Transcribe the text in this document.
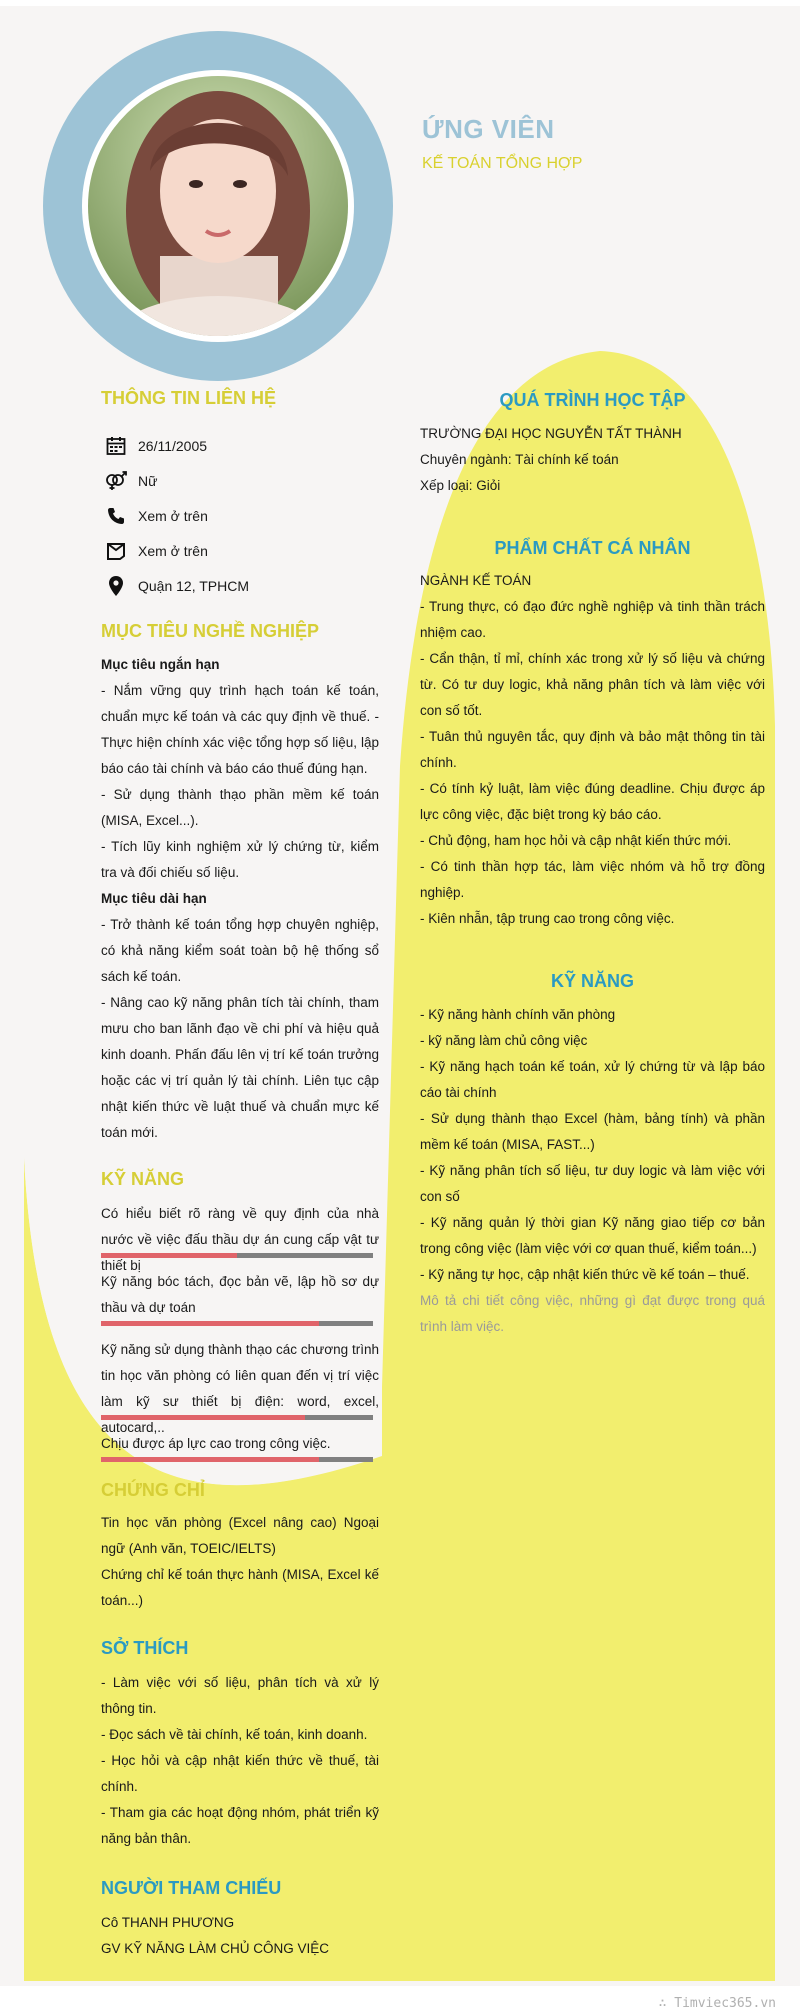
ỨNG VIÊN
KẾ TOÁN TỔNG HỢP
THÔNG TIN LIÊN HỆ
26/11/2005
Nữ
Xem ở trên
Xem ở trên
Quận 12, TPHCM
MỤC TIÊU NGHỀ NGHIỆP
Mục tiêu ngắn hạn
- Nắm vững quy trình hạch toán kế toán, chuẩn mực kế toán và các quy định về thuế. - Thực hiện chính xác việc tổng hợp số liệu, lập báo cáo tài chính và báo cáo thuế đúng hạn.
- Sử dụng thành thạo phần mềm kế toán (MISA, Excel...).
- Tích lũy kinh nghiệm xử lý chứng từ, kiểm tra và đối chiếu số liệu.
Mục tiêu dài hạn
- Trở thành kế toán tổng hợp chuyên nghiệp, có khả năng kiểm soát toàn bộ hệ thống sổ sách kế toán.
- Nâng cao kỹ năng phân tích tài chính, tham mưu cho ban lãnh đạo về chi phí và hiệu quả kinh doanh. Phấn đấu lên vị trí kế toán trưởng hoặc các vị trí quản lý tài chính. Liên tục cập nhật kiến thức về luật thuế và chuẩn mực kế toán mới.
KỸ NĂNG
Có hiểu biết rõ ràng về quy định của nhà nước về việc đấu thầu dự án cung cấp vật tư thiết bị
Kỹ năng bóc tách, đọc bản vẽ, lập hồ sơ dự thầu và dự toán
Kỹ năng sử dụng thành thạo các chương trình tin học văn phòng có liên quan đến vị trí việc làm kỹ sư thiết bị điện: word, excel, autocard,..
Chịu được áp lực cao trong công việc.
CHỨNG CHỈ
Tin học văn phòng (Excel nâng cao) Ngoại ngữ (Anh văn, TOEIC/IELTS)
Chứng chỉ kế toán thực hành (MISA, Excel kế toán...)
SỞ THÍCH
- Làm việc với số liệu, phân tích và xử lý thông tin.
- Đọc sách về tài chính, kế toán, kinh doanh.
- Học hỏi và cập nhật kiến thức về thuế, tài chính.
- Tham gia các hoạt động nhóm, phát triển kỹ năng bản thân.
NGƯỜI THAM CHIẾU
Cô THANH PHƯƠNG
GV KỸ NĂNG LÀM CHỦ CÔNG VIỆC
QUÁ TRÌNH HỌC TẬP
TRƯỜNG ĐẠI HỌC NGUYỄN TẤT THÀNH
Chuyên ngành: Tài chính kế toán
Xếp loại: Giỏi
PHẨM CHẤT CÁ NHÂN
NGÀNH KẾ TOÁN
- Trung thực, có đạo đức nghề nghiệp và tinh thần trách nhiệm cao.
- Cẩn thận, tỉ mỉ, chính xác trong xử lý số liệu và chứng từ. Có tư duy logic, khả năng phân tích và làm việc với con số tốt.
- Tuân thủ nguyên tắc, quy định và bảo mật thông tin tài chính.
- Có tính kỷ luật, làm việc đúng deadline. Chịu được áp lực công việc, đặc biệt trong kỳ báo cáo.
- Chủ động, ham học hỏi và cập nhật kiến thức mới.
- Có tinh thần hợp tác, làm việc nhóm và hỗ trợ đồng nghiệp.
- Kiên nhẫn, tập trung cao trong công việc.
KỸ NĂNG
- Kỹ năng hành chính văn phòng
- kỹ năng làm chủ công việc
- Kỹ năng hạch toán kế toán, xử lý chứng từ và lập báo cáo tài chính
- Sử dụng thành thạo Excel (hàm, bảng tính) và phần mềm kế toán (MISA, FAST...)
- Kỹ năng phân tích số liệu, tư duy logic và làm việc với con số
- Kỹ năng quản lý thời gian Kỹ năng giao tiếp cơ bản trong công việc (làm việc với cơ quan thuế, kiểm toán...)
- Kỹ năng tự học, cập nhật kiến thức về kế toán – thuế.
Mô tả chi tiết công việc, những gì đạt được trong quá trình làm việc.
∴ Timviec365.vn
